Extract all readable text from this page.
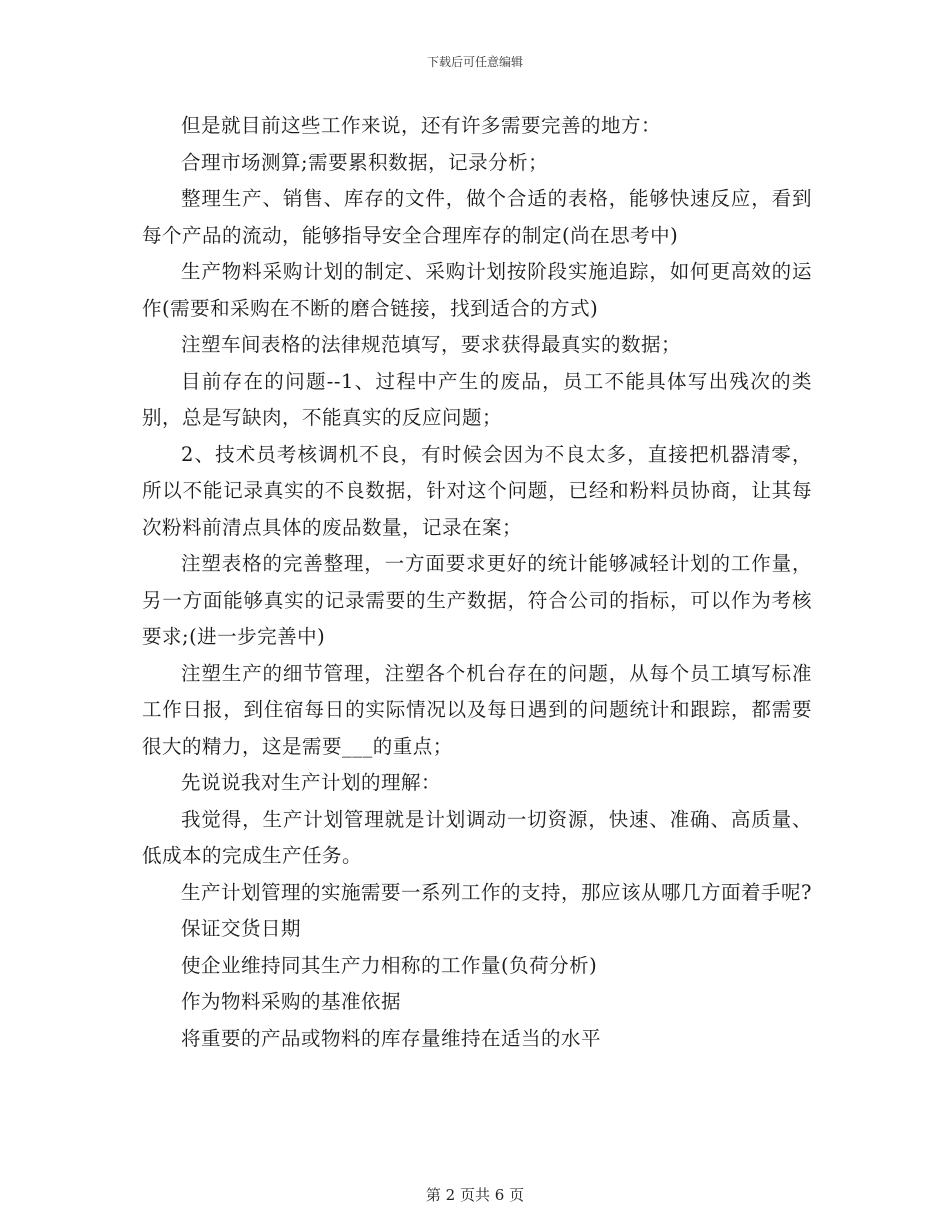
下载后可任意编辑

但是就目前这些工作来说，还有许多需要完善的地方：

合理市场测算;需要累积数据，记录分析；

整理生产、销售、库存的文件，做个合适的表格，能够快速反应，看到每个产品的流动，能够指导安全合理库存的制定(尚在思考中)

生产物料采购计划的制定、采购计划按阶段实施追踪，如何更高效的运作(需要和采购在不断的磨合链接，找到适合的方式)

注塑车间表格的法律规范填写，要求获得最真实的数据；

目前存在的问题--1、过程中产生的废品，员工不能具体写出残次的类别，总是写缺肉，不能真实的反应问题；

2、技术员考核调机不良，有时候会因为不良太多，直接把机器清零，所以不能记录真实的不良数据，针对这个问题，已经和粉料员协商，让其每次粉料前清点具体的废品数量，记录在案；

注塑表格的完善整理，一方面要求更好的统计能够减轻计划的工作量，另一方面能够真实的记录需要的生产数据，符合公司的指标，可以作为考核要求;(进一步完善中)

注塑生产的细节管理，注塑各个机台存在的问题，从每个员工填写标准工作日报，到住宿每日的实际情况以及每日遇到的问题统计和跟踪，都需要很大的精力，这是需要___的重点；

先说说我对生产计划的理解：

我觉得，生产计划管理就是计划调动一切资源，快速、准确、高质量、低成本的完成生产任务。

生产计划管理的实施需要一系列工作的支持，那应该从哪几方面着手呢?

保证交货日期

使企业维持同其生产力相称的工作量(负荷分析)

作为物料采购的基准依据

将重要的产品或物料的库存量维持在适当的水平

第 2 页共 6 页
